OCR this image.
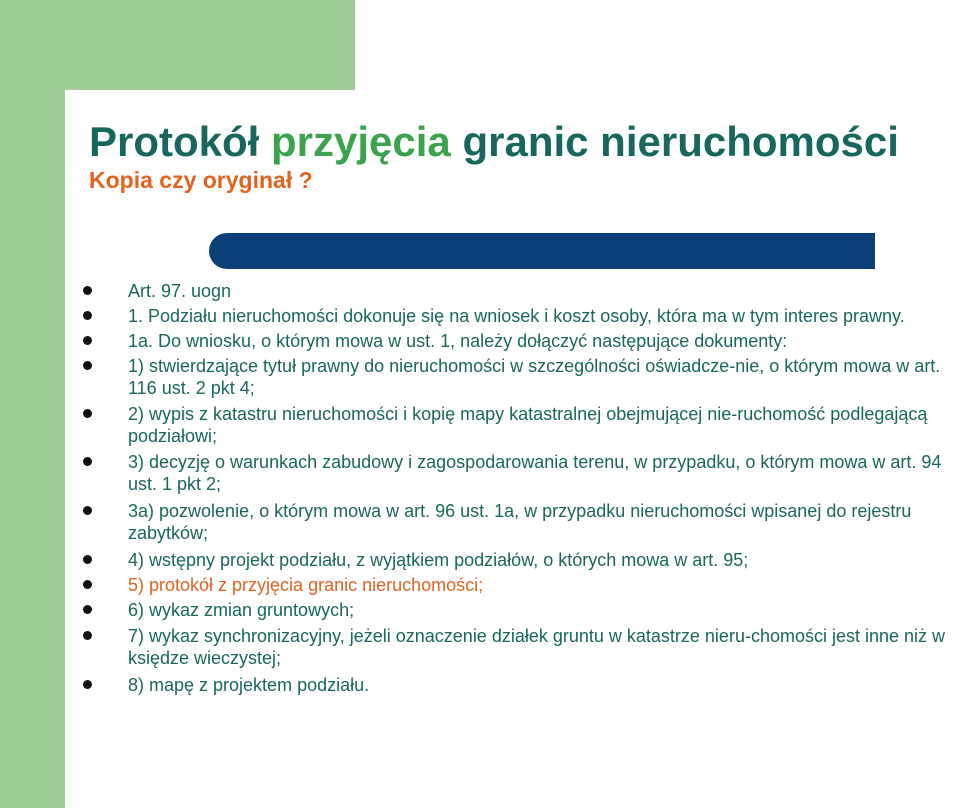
Protokół przyjęcia granic nieruchomości
Kopia czy oryginał ?
Art. 97. uogn
1. Podziału nieruchomości dokonuje się na wniosek i koszt osoby, która ma w tym interes prawny.
1a. Do wniosku, o którym mowa w ust. 1, należy dołączyć następujące dokumenty:
1) stwierdzające tytuł prawny do nieruchomości w szczególności oświadcze-nie, o którym mowa w art. 116 ust. 2 pkt 4;
2) wypis z katastru nieruchomości i kopię mapy katastralnej obejmującej nie-ruchomość podlegającą podziałowi;
3) decyzję o warunkach zabudowy i zagospodarowania terenu, w przypadku, o którym mowa w art. 94 ust. 1 pkt 2;
3a) pozwolenie, o którym mowa w art. 96 ust. 1a, w przypadku nieruchomości wpisanej do rejestru zabytków;
4) wstępny projekt podziału, z wyjątkiem podziałów, o których mowa w art. 95;
5) protokół z przyjęcia granic nieruchomości;
6) wykaz zmian gruntowych;
7) wykaz synchronizacyjny, jeżeli oznaczenie działek gruntu w katastrze nieru-chomości jest inne niż w księdze wieczystej;
8) mapę z projektem podziału.
